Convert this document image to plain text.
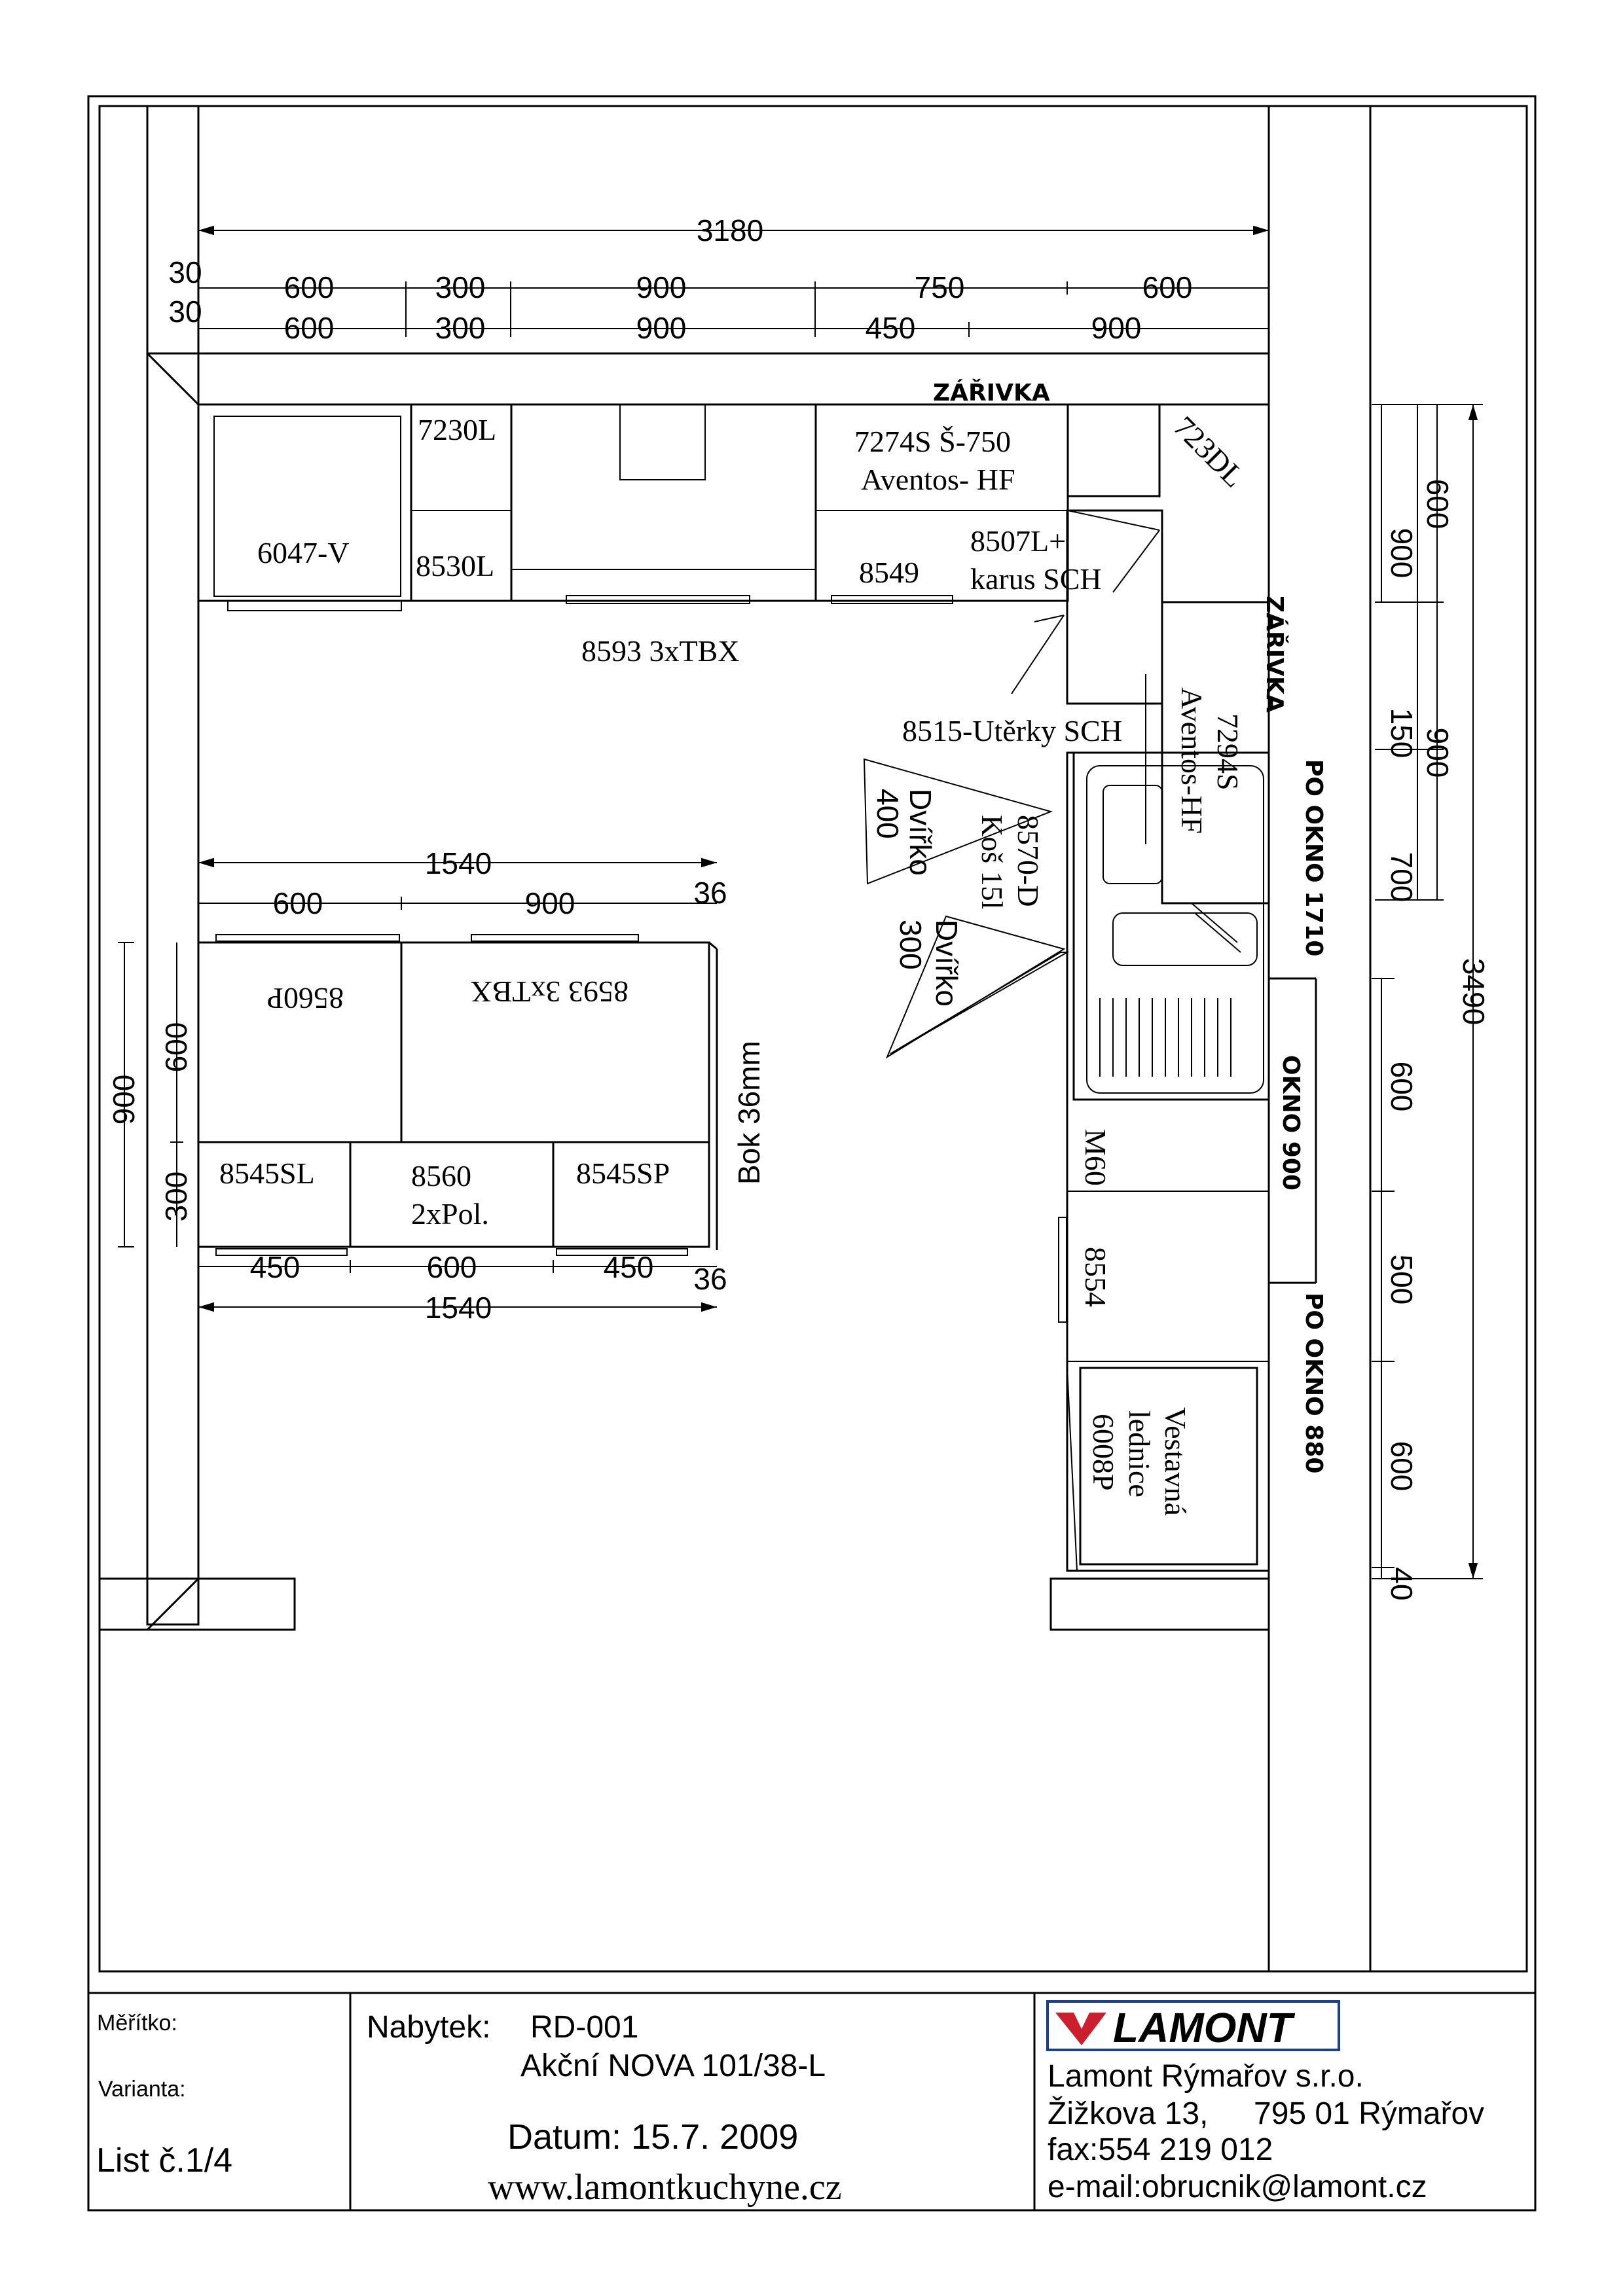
3180
30
30
600	300	900	750	600
600	300	900	450	900
1540
600	900	36
450	600	450 36
1540
900
600
300
600
900
150 900
700
3490
600
500
600
40
6047-V
7230L
8530L
7274S Š-750
Aventos- HF
8549
8507L+
karus SCH
723DL
8593 3xTBX
8515-Utěrky SCH	7294S
Aventos-HF
8570-D
Koš 15l
Dvířko
400
Dvířko
300
8560P	8593 3xTBX
8545SL	8560
2xPol.
8545SP Bok 36mm	M60
8554
Vestavná
lednice
6008P
ZÁŘIVKA
ZÁŘIVKA
PO OKNO 1710
OKNO 900
PO OKNO 880
Měřítko:
Varianta:
List č.1/4
Nabytek: RD-001
Akční NOVA 101/38-L
Datum: 15.7. 2009
www.lamontkuchyne.cz
LAMONT
Lamont Rýmařov s.r.o.
Žižkova 13, 795 01 Rýmařov
fax:554 219 012
e-mail:obrucnik@lamont.cz
